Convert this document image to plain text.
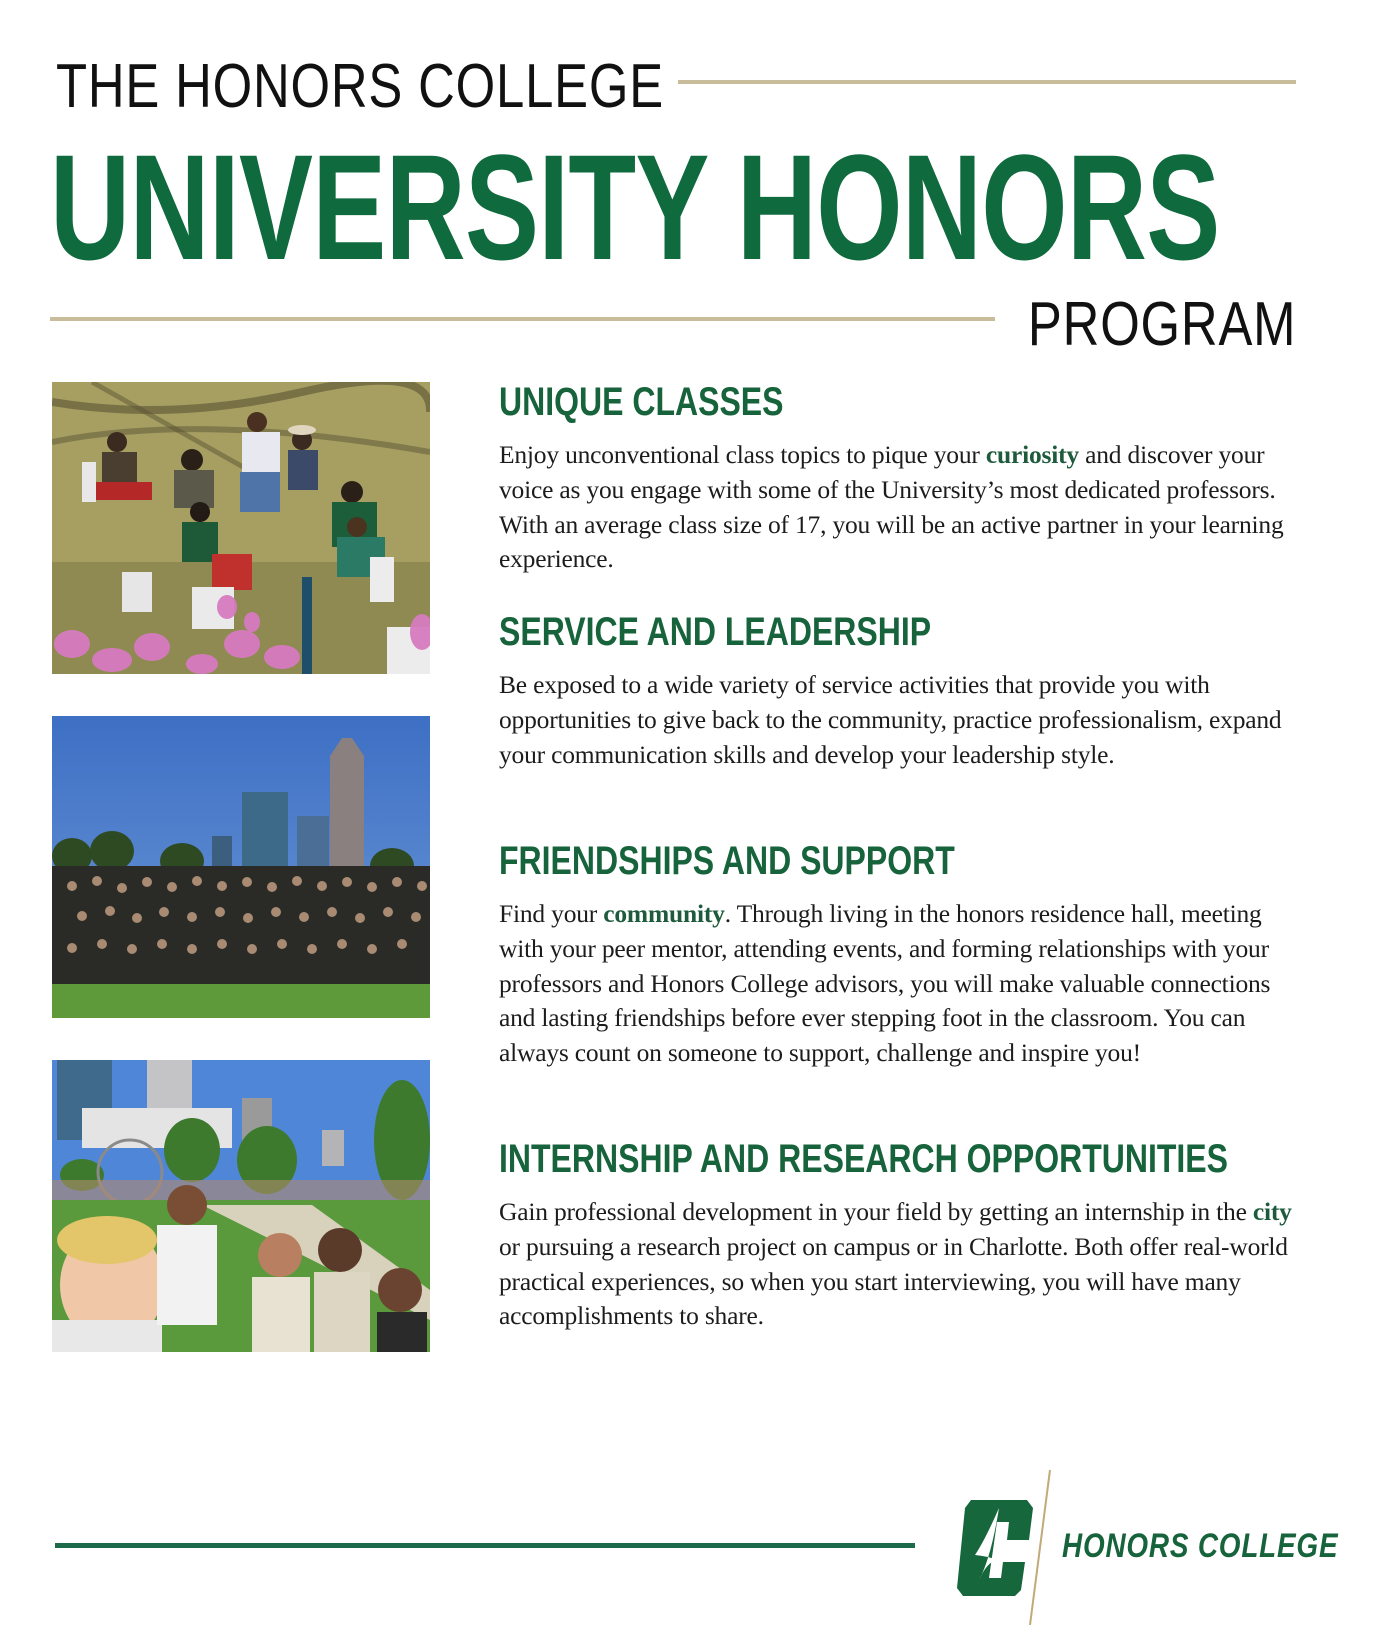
THE HONORS COLLEGE
UNIVERSITY HONORS
PROGRAM
UNIQUE CLASSES

Enjoy unconventional class topics to pique your curiosity and discover your voice as you engage with some of the University’s most dedicated professors. With an average class size of 17, you will be an active partner in your learning experience.

SERVICE AND LEADERSHIP

Be exposed to a wide variety of service activities that provide you with opportunities to give back to the community, practice professionalism, expand your communication skills and develop your leadership style.

FRIENDSHIPS AND SUPPORT

Find your community. Through living in the honors residence hall, meeting with your peer mentor, attending events, and forming relationships with your professors and Honors College advisors, you will make valuable connections and lasting friendships before ever stepping foot in the classroom. You can always count on someone to support, challenge and inspire you!

INTERNSHIP AND RESEARCH OPPORTUNITIES

Gain professional development in your field by getting an internship in the city or pursuing a research project on campus or in Charlotte. Both offer real-world practical experiences, so when you start interviewing, you will have many accomplishments to share.

HONORS COLLEGE
